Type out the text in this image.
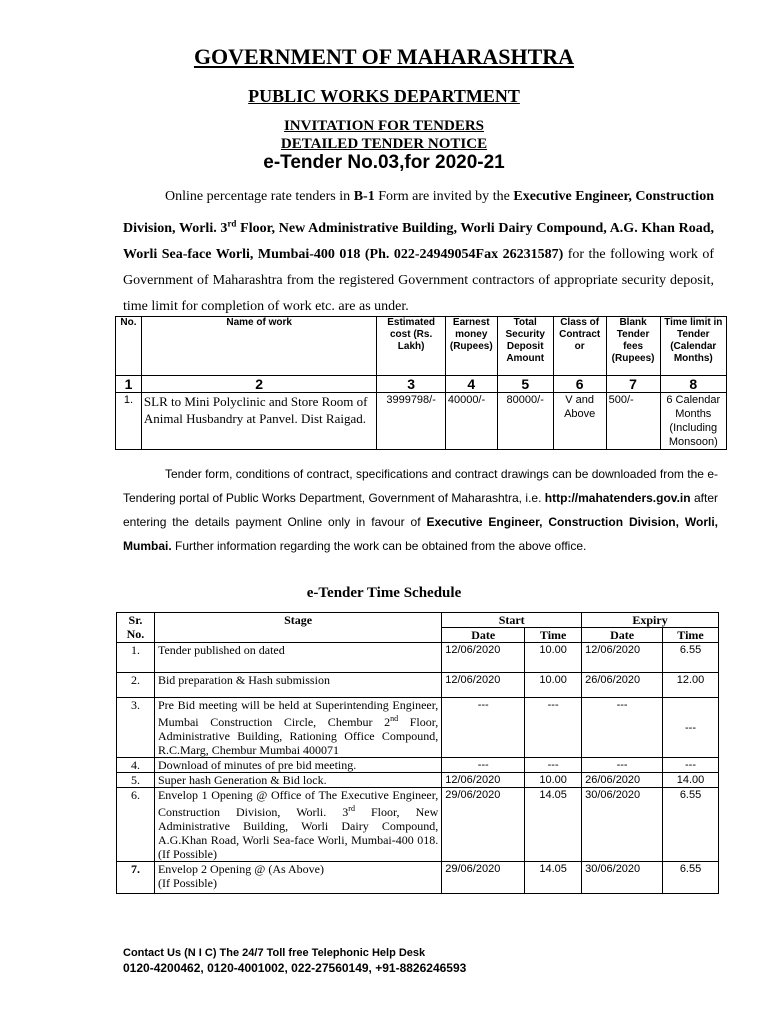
GOVERNMENT OF MAHARASHTRA
PUBLIC WORKS DEPARTMENT
INVITATION FOR TENDERS
DETAILED TENDER NOTICE
e-Tender No.03,for 2020-21

Online percentage rate tenders in B-1 Form are invited by the Executive Engineer, Construction Division, Worli. 3rd Floor, New Administrative Building, Worli Dairy Compound, A.G. Khan Road, Worli Sea-face Worli, Mumbai-400 018 (Ph. 022-24949054Fax 26231587) for the following work of Government of Maharashtra from the registered Government contractors of appropriate security deposit, time limit for completion of work etc. are as under.

No.	Name of work	Estimated cost (Rs. Lakh)	Earnest money (Rupees)	Total Security Deposit Amount	Class of Contract or	Blank Tender fees (Rupees)	Time limit in Tender (Calendar Months)
1	2	3	4	5	6	7	8
1.	SLR to Mini Polyclinic and Store Room of Animal Husbandry at Panvel. Dist Raigad.	3999798/-	40000/-	80000/-	V and Above	500/-	6 Calendar Months (Including Monsoon)

Tender form, conditions of contract, specifications and contract drawings can be downloaded from the e-Tendering portal of Public Works Department, Government of Maharashtra, i.e. http://mahatenders.gov.in after entering the details payment Online only in favour of Executive Engineer, Construction Division, Worli, Mumbai. Further information regarding the work can be obtained from the above office.

e-Tender Time Schedule
Sr. No.	Stage	Start		Expiry	
		Date	Time	Date	Time
1.	Tender published on dated	12/06/2020	10.00	12/06/2020	6.55
2.	Bid preparation & Hash submission	12/06/2020	10.00	26/06/2020	12.00
3.	Pre Bid meeting will be held at Superintending Engineer, Mumbai Construction Circle, Chembur 2nd Floor, Administrative Building, Rationing Office Compound, R.C.Marg, Chembur Mumbai 400071	---	---	---	---
4.	Download of minutes of pre bid meeting.	---	---	---	---
5.	Super hash Generation & Bid lock.	12/06/2020	10.00	26/06/2020	14.00
6.	Envelop 1 Opening @ Office of The Executive Engineer, Construction Division, Worli. 3rd Floor, New Administrative Building, Worli Dairy Compound, A.G.Khan Road, Worli Sea-face Worli, Mumbai-400 018. (If Possible)	29/06/2020	14.05	30/06/2020	6.55
7.	Envelop 2 Opening @ (As Above)
(If Possible)	29/06/2020	14.05	30/06/2020	6.55
Contact Us (N I C) The 24/7 Toll free Telephonic Help Desk
0120-4200462, 0120-4001002, 022-27560149, +91-8826246593
